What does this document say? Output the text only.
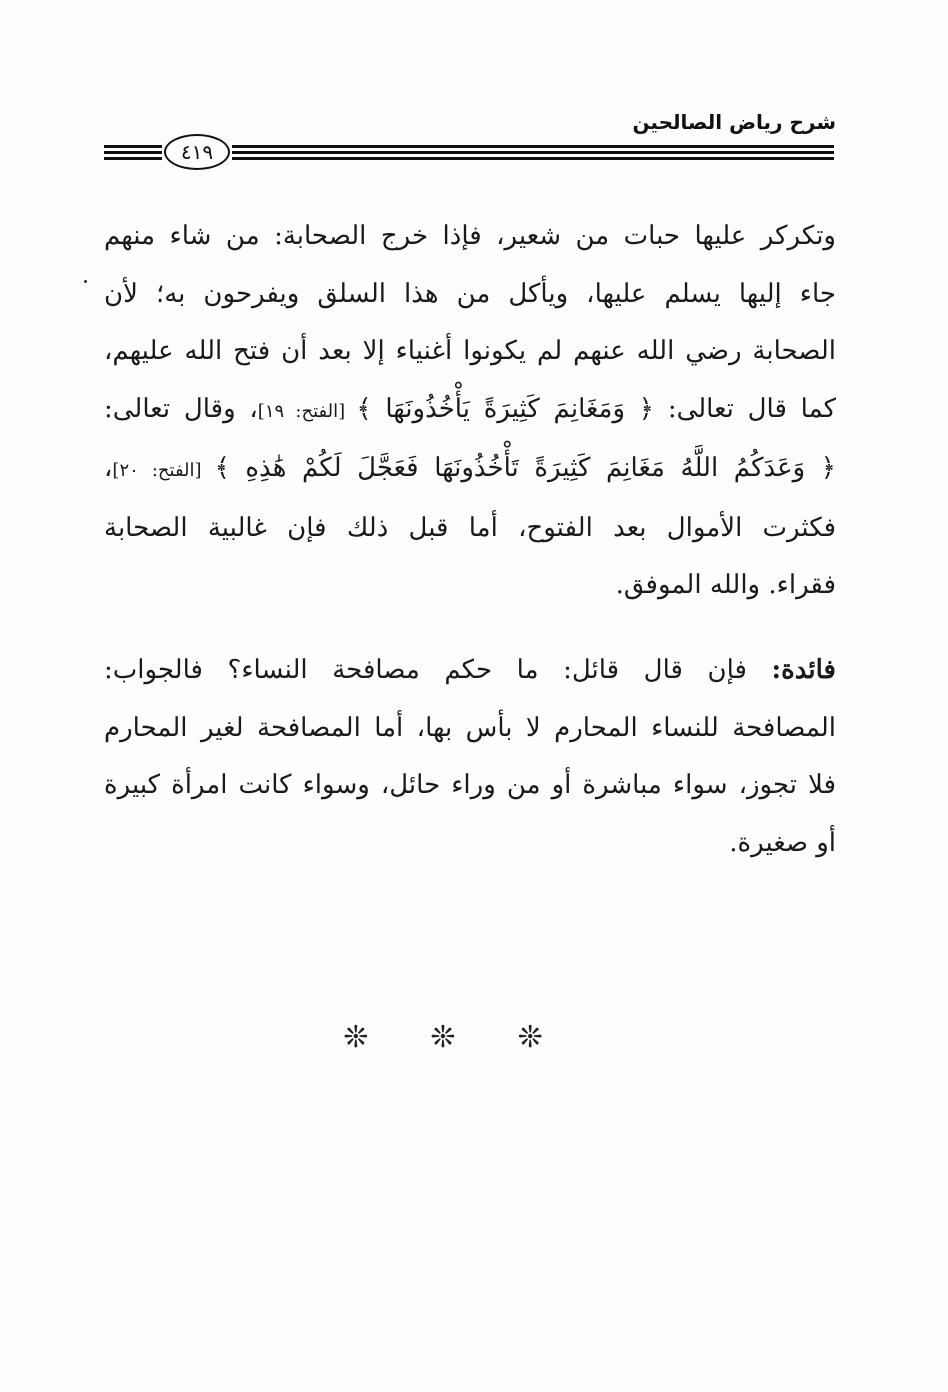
شرح رياض الصالحين
٤١٩
وتكركر عليها حبات من شعير، فإذا خرج الصحابة: من شاء منهم
جاء إليها يسلم عليها، ويأكل من هذا السلق ويفرحون به؛ لأن
الصحابة رضي الله عنهم لم يكونوا أغنياء إلا بعد أن فتح الله عليهم،
كما قال تعالى: ﴿ وَمَغَانِمَ كَثِيرَةً يَأْخُذُونَهَا ﴾ [الفتح: ١٩]، وقال تعالى:
﴿ وَعَدَكُمُ اللَّهُ مَغَانِمَ كَثِيرَةً تَأْخُذُونَهَا فَعَجَّلَ لَكُمْ هَٰذِهِ ﴾ [الفتح: ٢٠]،
فكثرت الأموال بعد الفتوح، أما قبل ذلك فإن غالبية الصحابة
فقراء. والله الموفق.
فائدة: فإن قال قائل: ما حكم مصافحة النساء؟ فالجواب:
المصافحة للنساء المحارم لا بأس بها، أما المصافحة لغير المحارم
فلا تجوز، سواء مباشرة أو من وراء حائل، وسواء كانت امرأة كبيرة
أو صغيرة.
❊❊❊
